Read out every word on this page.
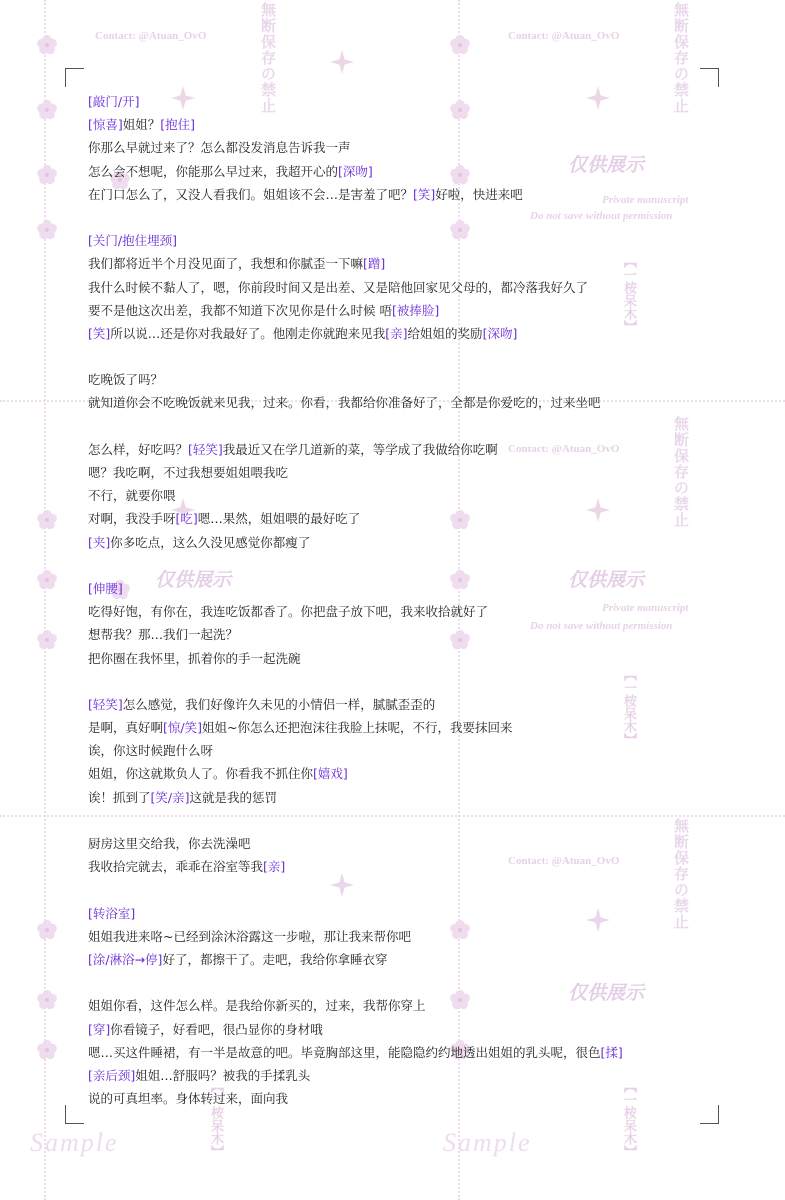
Contact: @Atuan_OvO	Contact: @Atuan_OvO
Contact: @Atuan_OvO
Contact: @Atuan_OvO
無断保存の禁止	無断保存の禁止
無断保存の禁止
無断保存の禁止
仅供展示
仅供展示	仅供展示
仅供展示
Private manuscript
Do not save without permission
Private manuscript
Do not save without permission
【一桉呆木】
【一桉呆木】
【一桉呆木】
【一桉呆木】
Sample	Sample
[敲门/开]
[惊喜]姐姐？[抱住]
你那么早就过来了？怎么都没发消息告诉我一声
怎么会不想呢，你能那么早过来，我超开心的[深吻]
在门口怎么了，又没人看我们。姐姐该不会…是害羞了吧？[笑]好啦，快进来吧
[关门/抱住埋颈]
我们都将近半个月没见面了，我想和你腻歪一下嘛[蹭]
我什么时候不黏人了，嗯，你前段时间又是出差、又是陪他回家见父母的，都冷落我好久了
要不是他这次出差，我都不知道下次见你是什么时候 唔[被捧脸]
[笑]所以说…还是你对我最好了。他刚走你就跑来见我[亲]给姐姐的奖励[深吻]
吃晚饭了吗？
就知道你会不吃晚饭就来见我，过来。你看，我都给你准备好了，全都是你爱吃的，过来坐吧
怎么样，好吃吗？[轻笑]我最近又在学几道新的菜，等学成了我做给你吃啊
嗯？我吃啊，不过我想要姐姐喂我吃
不行，就要你喂
对啊，我没手呀[吃]嗯…果然，姐姐喂的最好吃了
[夹]你多吃点，这么久没见感觉你都瘦了
[伸腰]
吃得好饱，有你在，我连吃饭都香了。你把盘子放下吧，我来收拾就好了
想帮我？那…我们一起洗？
把你圈在我怀里，抓着你的手一起洗碗
[轻笑]怎么感觉，我们好像许久未见的小情侣一样，腻腻歪歪的
是啊，真好啊[惊/笑]姐姐~你怎么还把泡沫往我脸上抹呢，不行，我要抹回来
诶，你这时候跑什么呀
姐姐，你这就欺负人了。你看我不抓住你[嬉戏]
诶！抓到了[笑/亲]这就是我的惩罚
厨房这里交给我，你去洗澡吧
我收拾完就去，乖乖在浴室等我[亲]
[转浴室]
姐姐我进来咯~已经到涂沐浴露这一步啦，那让我来帮你吧
[涂/淋浴→停]好了，都擦干了。走吧，我给你拿睡衣穿
姐姐你看，这件怎么样。是我给你新买的，过来，我帮你穿上
[穿]你看镜子，好看吧，很凸显你的身材哦
嗯…买这件睡裙，有一半是故意的吧。毕竟胸部这里，能隐隐约约地透出姐姐的乳头呢，很色[揉]
[亲后颈]姐姐…舒服吗？被我的手揉乳头
说的可真坦率。身体转过来，面向我
